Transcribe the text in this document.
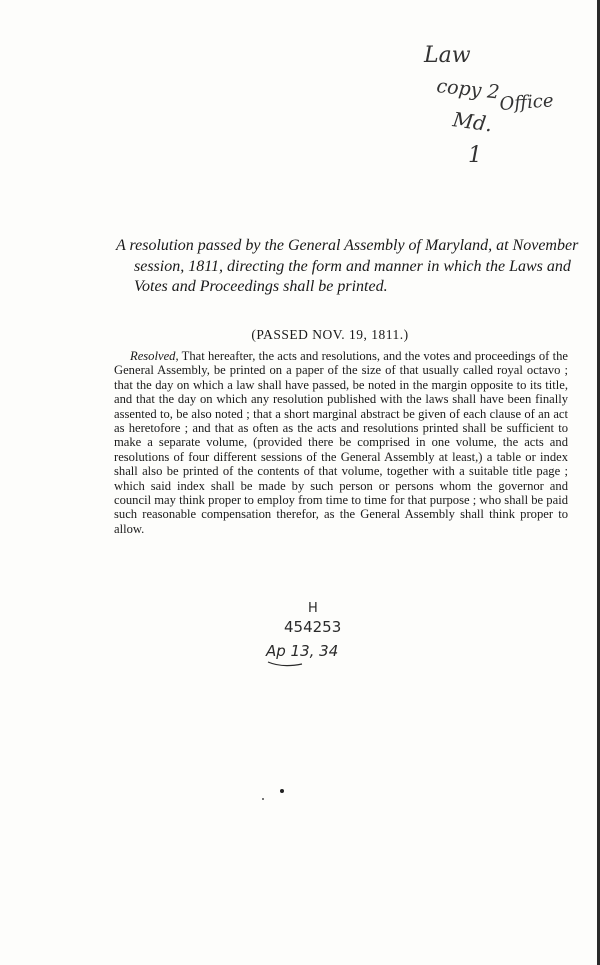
Law
copy 2
Office
Md.
1
A resolution passed by the General Assembly of Maryland, at November session, 1811, directing the form and manner in which the Laws and Votes and Proceedings shall be printed.
(PASSED NOV. 19, 1811.)
Resolved, That hereafter, the acts and resolutions, and the votes and proceedings of the General Assembly, be printed on a paper of the size of that usually called royal octavo ; that the day on which a law shall have passed, be noted in the margin opposite to its title, and that the day on which any resolution published with the laws shall have been finally assented to, be also noted ; that a short marginal abstract be given of each clause of an act as heretofore ; and that as often as the acts and resolutions printed shall be sufficient to make a separate volume, (provided there be comprised in one volume, the acts and resolutions of four different sessions of the General Assembly at least,) a table or index shall also be printed of the contents of that volume, together with a suitable title page ; which said index shall be made by such person or persons whom the governor and council may think proper to employ from time to time for that purpose ; who shall be paid such reasonable compensation therefor, as the General Assembly shall think proper to allow.
H
454253
Ap 13, 34
